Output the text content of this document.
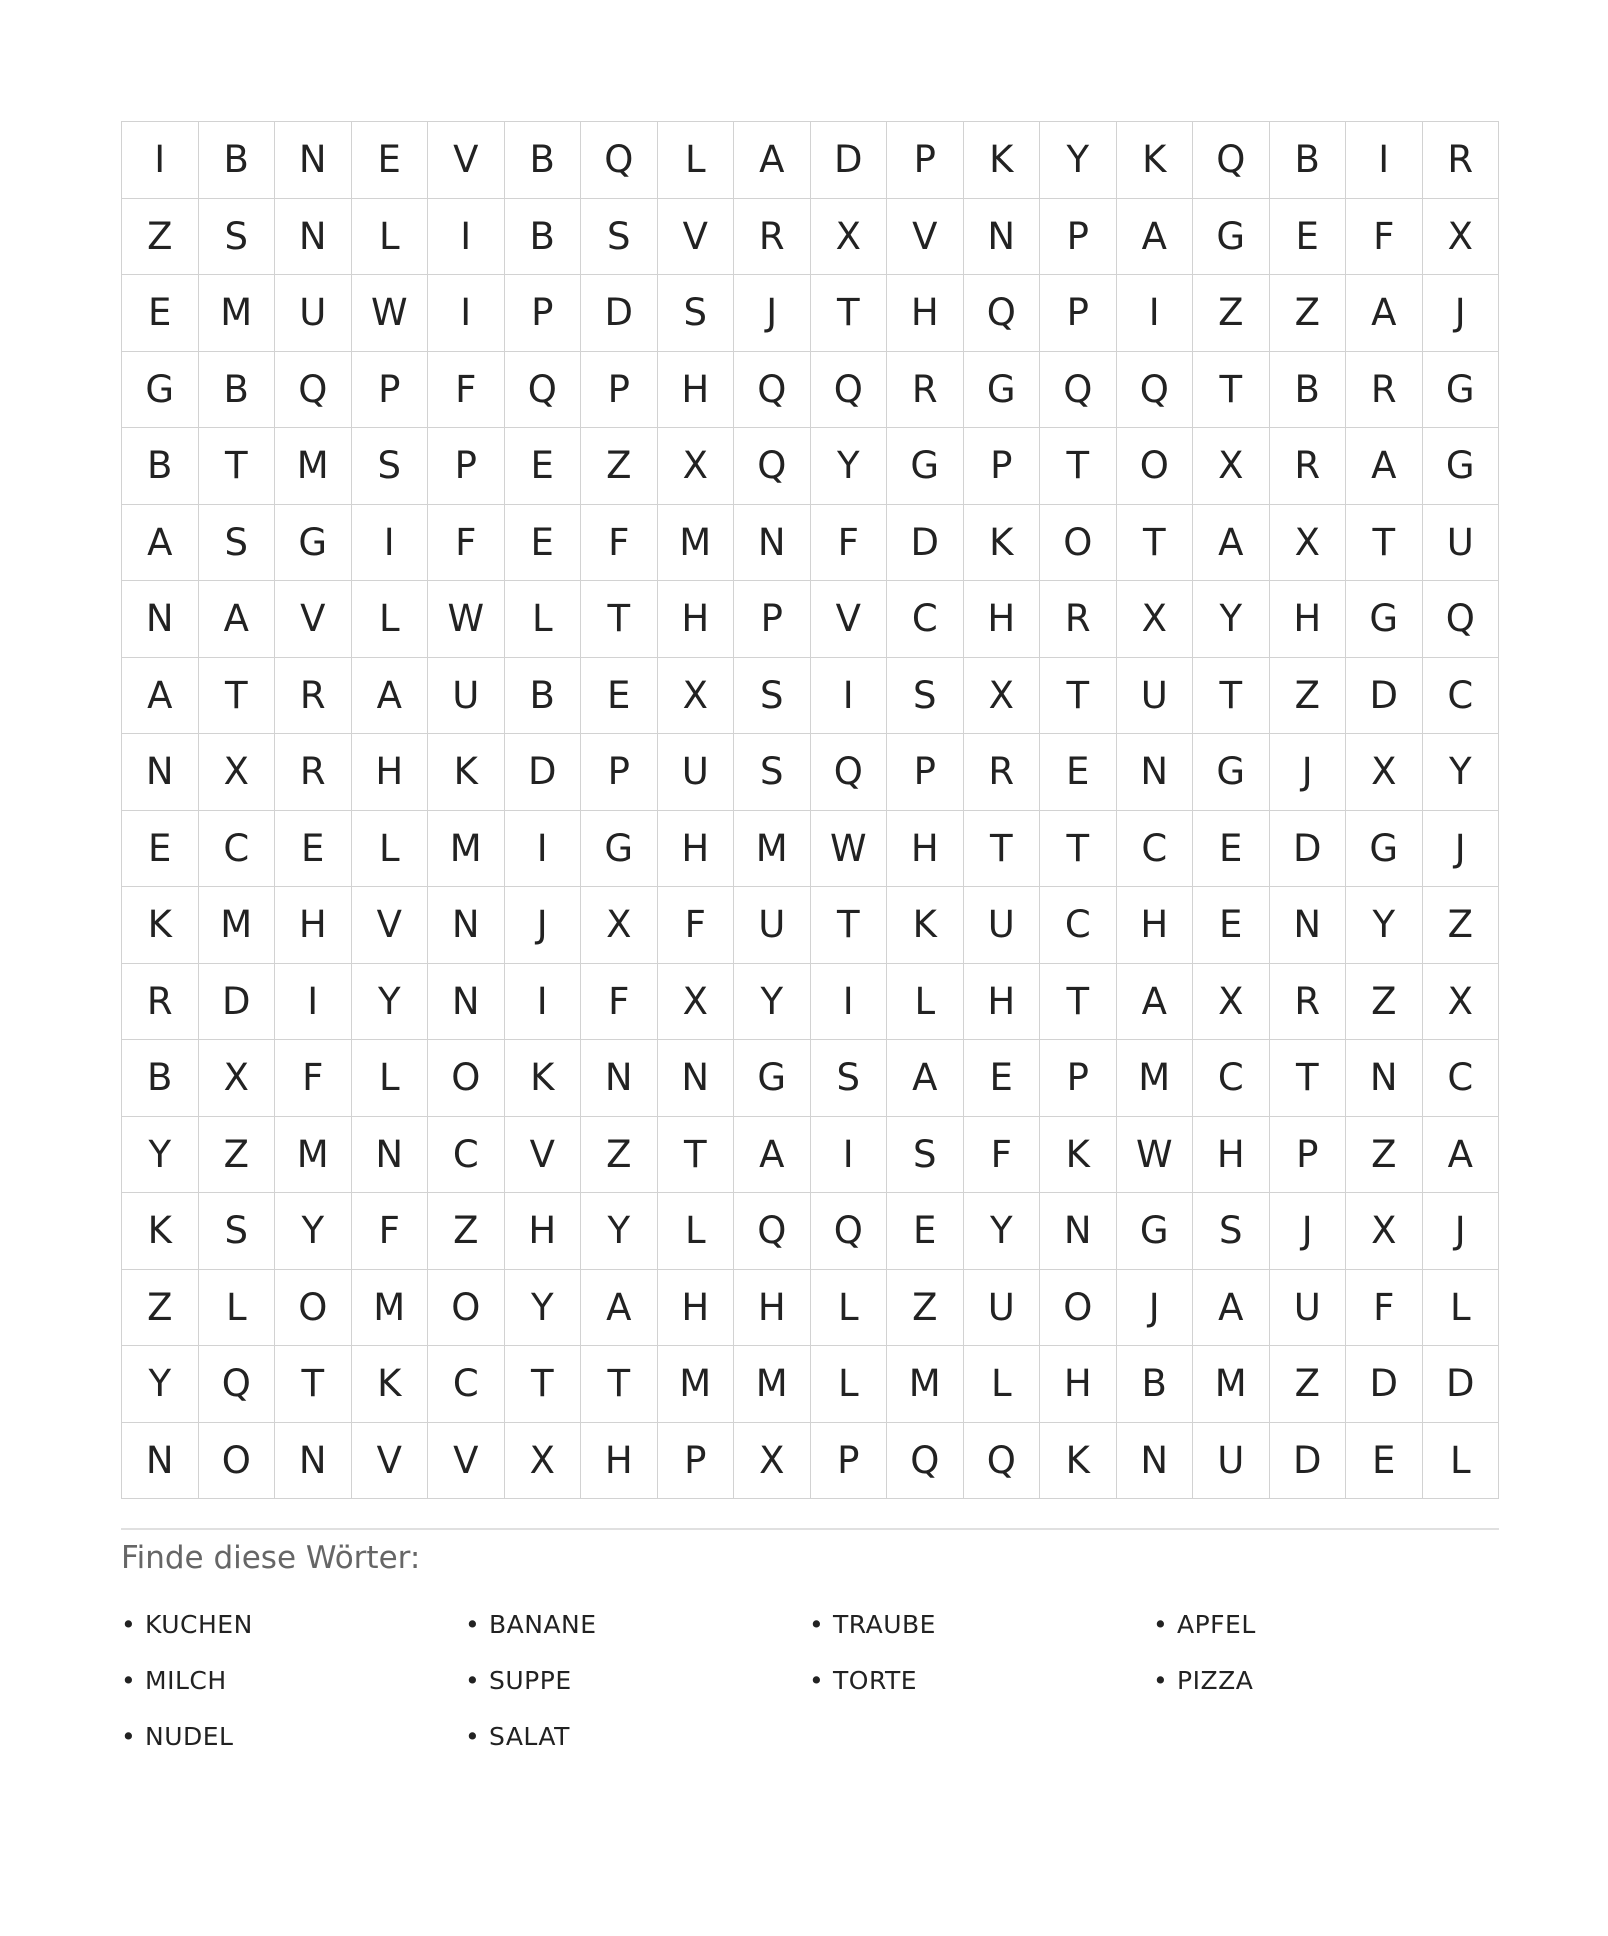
I	B	N	E	V	B	Q	L	A	D	P	K	Y	K	Q	B	I	R
Z	S	N	L	I	B	S	V	R	X	V	N	P	A	G	E	F	X
E	M	U	W	I	P	D	S	J	T	H	Q	P	I	Z	Z	A	J
G	B	Q	P	F	Q	P	H	Q	Q	R	G	Q	Q	T	B	R	G
B	T	M	S	P	E	Z	X	Q	Y	G	P	T	O	X	R	A	G
A	S	G	I	F	E	F	M	N	F	D	K	O	T	A	X	T	U
N	A	V	L	W	L	T	H	P	V	C	H	R	X	Y	H	G	Q
A	T	R	A	U	B	E	X	S	I	S	X	T	U	T	Z	D	C
N	X	R	H	K	D	P	U	S	Q	P	R	E	N	G	J	X	Y
E	C	E	L	M	I	G	H	M	W	H	T	T	C	E	D	G	J
K	M	H	V	N	J	X	F	U	T	K	U	C	H	E	N	Y	Z
R	D	I	Y	N	I	F	X	Y	I	L	H	T	A	X	R	Z	X
B	X	F	L	O	K	N	N	G	S	A	E	P	M	C	T	N	C
Y	Z	M	N	C	V	Z	T	A	I	S	F	K	W	H	P	Z	A
K	S	Y	F	Z	H	Y	L	Q	Q	E	Y	N	G	S	J	X	J
Z	L	O	M	O	Y	A	H	H	L	Z	U	O	J	A	U	F	L
Y	Q	T	K	C	T	T	M	M	L	M	L	H	B	M	Z	D	D
N	O	N	V	V	X	H	P	X	P	Q	Q	K	N	U	D	E	L
Finde diese Wörter:
• KUCHEN	• BANANE	• TRAUBE	• APFEL
• MILCH	• SUPPE	• TORTE	• PIZZA
• NUDEL	• SALAT
